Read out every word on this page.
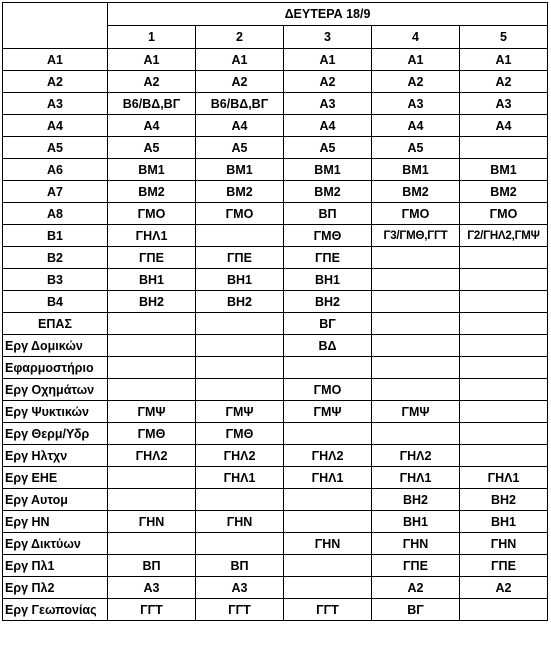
	ΔΕΥΤΕΡΑ 18/9				
	1	2	3	4	5
Α1	Α1	Α1	Α1	Α1	Α1
Α2	Α2	Α2	Α2	Α2	Α2
Α3	Β6/ΒΔ,ΒΓ	Β6/ΒΔ,ΒΓ	Α3	Α3	Α3
Α4	Α4	Α4	Α4	Α4	Α4
Α5	Α5	Α5	Α5	Α5	
Α6	ΒΜ1	ΒΜ1	ΒΜ1	ΒΜ1	ΒΜ1
Α7	ΒΜ2	ΒΜ2	ΒΜ2	ΒΜ2	ΒΜ2
Α8	ΓΜΟ	ΓΜΟ	ΒΠ	ΓΜΟ	ΓΜΟ
Β1	ΓΗΛ1		ΓΜΘ	Γ3/ΓΜΘ,ΓΓΤ	Γ2/ΓΗΛ2,ΓΜΨ
Β2	ΓΠΕ	ΓΠΕ	ΓΠΕ		
Β3	ΒΗ1	ΒΗ1	ΒΗ1		
Β4	ΒΗ2	ΒΗ2	ΒΗ2		
ΕΠΑΣ			ΒΓ		
Εργ Δομικών			ΒΔ		
Εφαρμοστήριο					
Εργ Οχημάτων			ΓΜΟ		
Εργ Ψυκτικών	ΓΜΨ	ΓΜΨ	ΓΜΨ	ΓΜΨ	
Εργ Θερμ/Υδρ	ΓΜΘ	ΓΜΘ			
Εργ Ηλτχν	ΓΗΛ2	ΓΗΛ2	ΓΗΛ2	ΓΗΛ2	
Εργ ΕΗΕ		ΓΗΛ1	ΓΗΛ1	ΓΗΛ1	ΓΗΛ1
Εργ Αυτομ				ΒΗ2	ΒΗ2
Εργ ΗΝ	ΓΗΝ	ΓΗΝ		ΒΗ1	ΒΗ1
Εργ Δικτύων			ΓΗΝ	ΓΗΝ	ΓΗΝ
Εργ Πλ1	ΒΠ	ΒΠ		ΓΠΕ	ΓΠΕ
Εργ Πλ2	Α3	Α3		Α2	Α2
Εργ Γεωπονίας	ΓΓΤ	ΓΓΤ	ΓΓΤ	ΒΓ	
